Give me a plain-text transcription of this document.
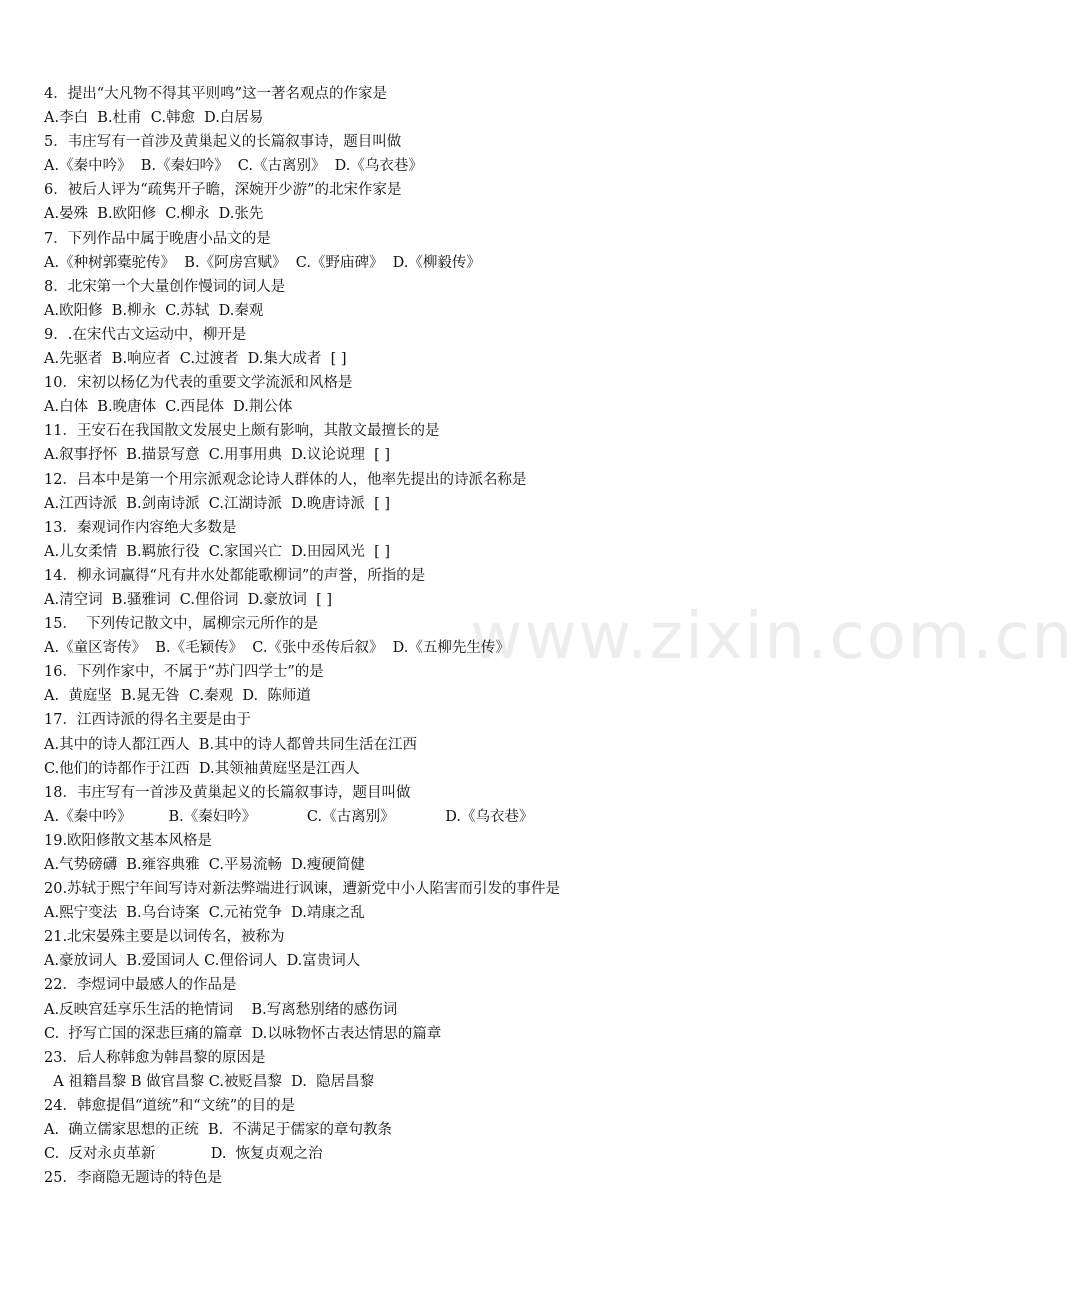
www.zixin.com.cn
4．提出“大凡物不得其平则鸣”这一著名观点的作家是
A.李白  B.杜甫  C.韩愈  D.白居易
5．韦庄写有一首涉及黄巢起义的长篇叙事诗，题目叫做
A.《秦中吟》  B.《秦妇吟》  C.《古离别》  D.《乌衣巷》
6．被后人评为“疏隽开子瞻，深婉开少游”的北宋作家是
A.晏殊  B.欧阳修  C.柳永  D.张先
7．下列作品中属于晚唐小品文的是
A.《种树郭橐驼传》  B.《阿房宫赋》  C.《野庙碑》  D.《柳毅传》
8．北宋第一个大量创作慢词的词人是
A.欧阳修  B.柳永  C.苏轼  D.秦观
9．.在宋代古文运动中，柳开是
A.先驱者  B.响应者  C.过渡者  D.集大成者  [ ]
10．宋初以杨亿为代表的重要文学流派和风格是
A.白体  B.晚唐体  C.西昆体  D.荆公体
11．王安石在我国散文发展史上颇有影响，其散文最擅长的是
A.叙事抒怀  B.描景写意  C.用事用典  D.议论说理  [ ]
12．吕本中是第一个用宗派观念论诗人群体的人，他率先提出的诗派名称是
A.江西诗派  B.剑南诗派  C.江湖诗派  D.晚唐诗派  [ ]
13．秦观词作内容绝大多数是
A.儿女柔情  B.羁旅行役  C.家国兴亡  D.田园风光  [ ]
14．柳永词赢得“凡有井水处都能歌柳词”的声誉，所指的是
A.清空词  B.骚雅词  C.俚俗词  D.豪放词  [ ]
15．  下列传记散文中，属柳宗元所作的是
A.《童区寄传》  B.《毛颖传》  C.《张中丞传后叙》  D.《五柳先生传》
16．下列作家中，不属于“苏门四学士”的是
A.  黄庭坚  B.晁无咎  C.秦观  D.  陈师道
17．江西诗派的得名主要是由于
A.其中的诗人都江西人  B.其中的诗人都曾共同生活在江西
C.他们的诗都作于江西  D.其领袖黄庭坚是江西人
18．韦庄写有一首涉及黄巢起义的长篇叙事诗，题目叫做
A.《秦中吟》        B.《秦妇吟》           C.《古离别》           D.《乌衣巷》
19.欧阳修散文基本风格是
A.气势磅礴  B.雍容典雅  C.平易流畅  D.瘦硬简健
20.苏轼于熙宁年间写诗对新法弊端进行讽谏，遭新党中小人陷害而引发的事件是
A.熙宁变法  B.乌台诗案  C.元祐党争  D.靖康之乱
21.北宋晏殊主要是以词传名，被称为
A.豪放词人  B.爱国词人 C.俚俗词人  D.富贵词人
22．李煜词中最感人的作品是
A.反映宫廷享乐生活的艳情词    B.写离愁别绪的感伤词
C.  抒写亡国的深悲巨痛的篇章  D.以咏物怀古表达情思的篇章
23．后人称韩愈为韩昌黎的原因是
A 祖籍昌黎 B 做官昌黎 C.被贬昌黎  D.  隐居昌黎
24．韩愈提倡“道统”和“文统”的目的是
A.  确立儒家思想的正统  B.  不满足于儒家的章句教条
C.  反对永贞革新            D.  恢复贞观之治
25．李商隐无题诗的特色是
